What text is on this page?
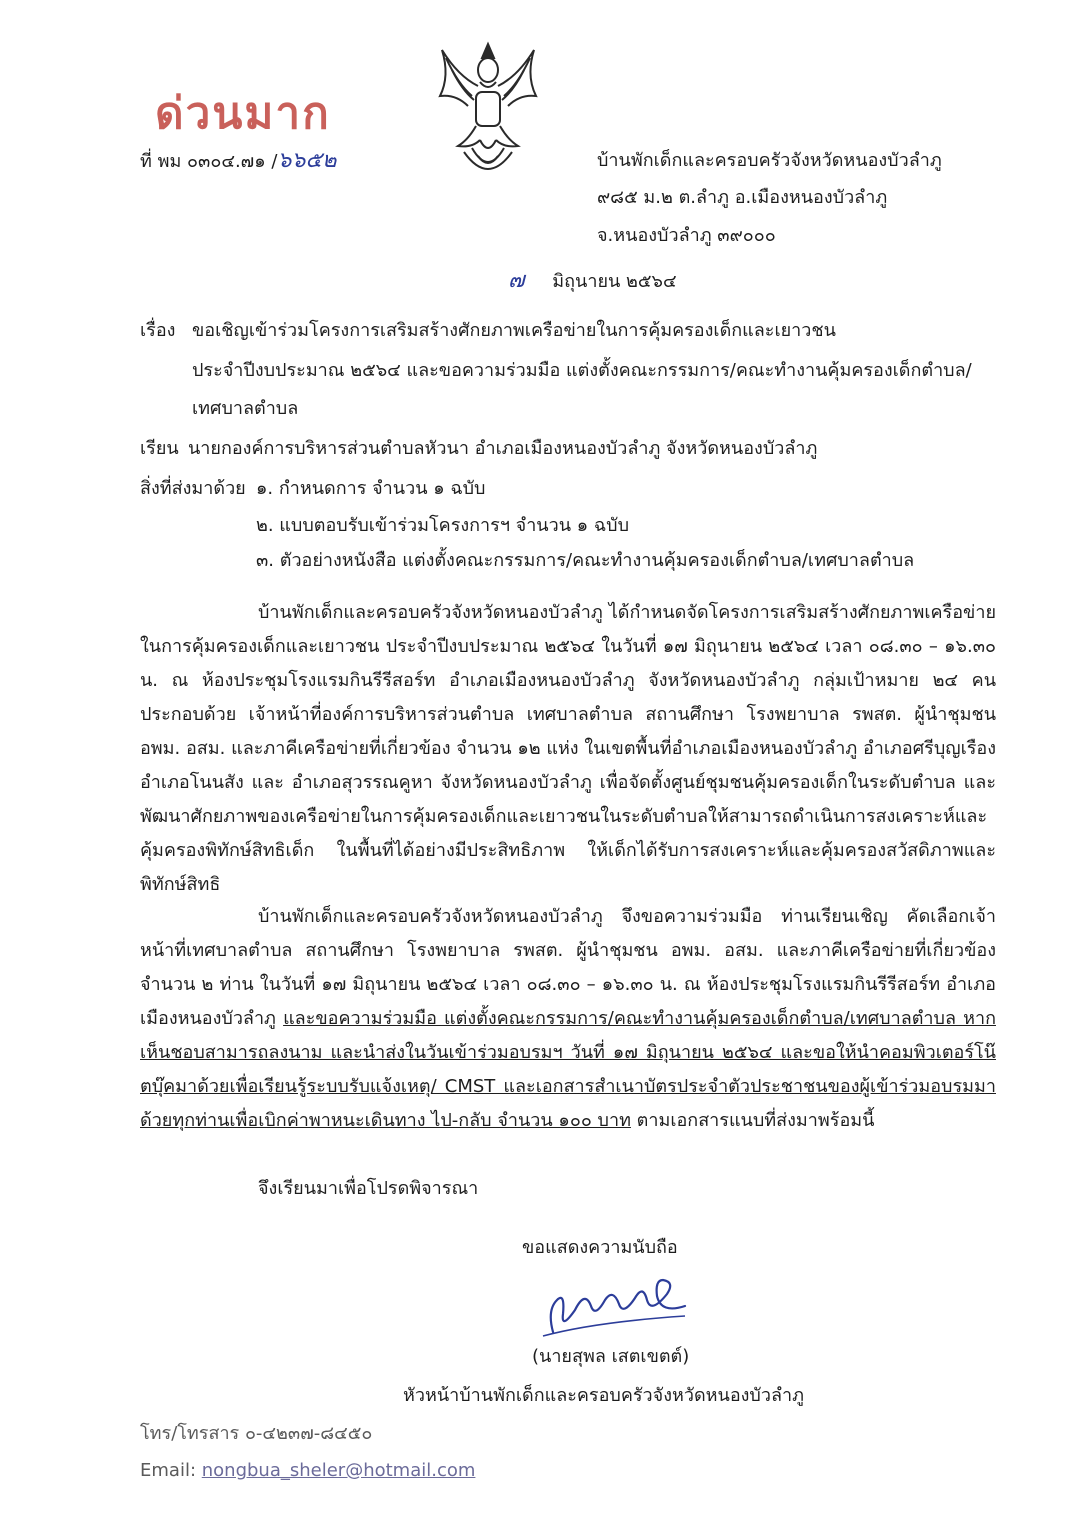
ด่วนมาก
ที่ พม ๐๓๐๔.๗๑ /๖๖๕๒	บ้านพักเด็กและครอบครัวจังหวัดหนองบัวลำภู
๙๘๕ ม.๒ ต.ลำภู อ.เมืองหนองบัวลำภู
จ.หนองบัวลำภู ๓๙๐๐๐
๗ มิถุนายน ๒๕๖๔
เรื่อง ขอเชิญเข้าร่วมโครงการเสริมสร้างศักยภาพเครือข่ายในการคุ้มครองเด็กและเยาวชน
ประจำปีงบประมาณ ๒๕๖๔ และขอความร่วมมือ แต่งตั้งคณะกรรมการ/คณะทำงานคุ้มครองเด็กตำบล/
เทศบาลตำบล
เรียน นายกองค์การบริหารส่วนตำบลหัวนา อำเภอเมืองหนองบัวลำภู จังหวัดหนองบัวลำภู
สิ่งที่ส่งมาด้วย ๑. กำหนดการ จำนวน ๑ ฉบับ
๒. แบบตอบรับเข้าร่วมโครงการฯ จำนวน ๑ ฉบับ
๓. ตัวอย่างหนังสือ แต่งตั้งคณะกรรมการ/คณะทำงานคุ้มครองเด็กตำบล/เทศบาลตำบล
บ้านพักเด็กและครอบครัวจังหวัดหนองบัวลำภู ได้กำหนดจัดโครงการเสริมสร้างศักยภาพเครือข่ายในการคุ้มครองเด็กและเยาวชน ประจำปีงบประมาณ ๒๕๖๔ ในวันที่ ๑๗ มิถุนายน ๒๕๖๔ เวลา ๐๘.๓๐ – ๑๖.๓๐ น. ณ ห้องประชุมโรงแรมกินรีรีสอร์ท อำเภอเมืองหนองบัวลำภู จังหวัดหนองบัวลำภู กลุ่มเป้าหมาย ๒๔ คน ประกอบด้วย เจ้าหน้าที่องค์การบริหารส่วนตำบล เทศบาลตำบล สถานศึกษา โรงพยาบาล รพสต. ผู้นำชุมชน อพม. อสม. และภาคีเครือข่ายที่เกี่ยวข้อง จำนวน ๑๒ แห่ง ในเขตพื้นที่อำเภอเมืองหนองบัวลำภู อำเภอศรีบุญเรือง อำเภอโนนสัง และ อำเภอสุวรรณคูหา จังหวัดหนองบัวลำภู เพื่อจัดตั้งศูนย์ชุมชนคุ้มครองเด็กในระดับตำบล และพัฒนาศักยภาพของเครือข่ายในการคุ้มครองเด็กและเยาวชนในระดับตำบลให้สามารถดำเนินการสงเคราะห์และคุ้มครองพิทักษ์สิทธิเด็ก ในพื้นที่ได้อย่างมีประสิทธิภาพ ให้เด็กได้รับการสงเคราะห์และคุ้มครองสวัสดิภาพและพิทักษ์สิทธิ
บ้านพักเด็กและครอบครัวจังหวัดหนองบัวลำภู จึงขอความร่วมมือ ท่านเรียนเชิญ คัดเลือกเจ้าหน้าที่เทศบาลตำบล สถานศึกษา โรงพยาบาล รพสต. ผู้นำชุมชน อพม. อสม. และภาคีเครือข่ายที่เกี่ยวข้องจำนวน ๒ ท่าน ในวันที่ ๑๗ มิถุนายน ๒๕๖๔ เวลา ๐๘.๓๐ – ๑๖.๓๐ น. ณ ห้องประชุมโรงแรมกินรีรีสอร์ท อำเภอเมืองหนองบัวลำภู และขอความร่วมมือ แต่งตั้งคณะกรรมการ/คณะทำงานคุ้มครองเด็กตำบล/เทศบาลตำบล หากเห็นชอบสามารถลงนาม และนำส่งในวันเข้าร่วมอบรมฯ วันที่ ๑๗ มิถุนายน ๒๕๖๔ และขอให้นำคอมพิวเตอร์โน๊ตบุ๊คมาด้วยเพื่อเรียนรู้ระบบรับแจ้งเหตุ/ CMST และเอกสารสำเนาบัตรประจำตัวประชาชนของผู้เข้าร่วมอบรมมาด้วยทุกท่านเพื่อเบิกค่าพาหนะเดินทาง ไป-กลับ จำนวน ๑๐๐ บาท ตามเอกสารแนบที่ส่งมาพร้อมนี้
จึงเรียนมาเพื่อโปรดพิจารณา
ขอแสดงความนับถือ
(นายสุพล เสตเขตต์)
หัวหน้าบ้านพักเด็กและครอบครัวจังหวัดหนองบัวลำภู
โทร/โทรสาร ๐-๔๒๓๗-๘๔๕๐
Email: nongbua_sheler@hotmail.com
